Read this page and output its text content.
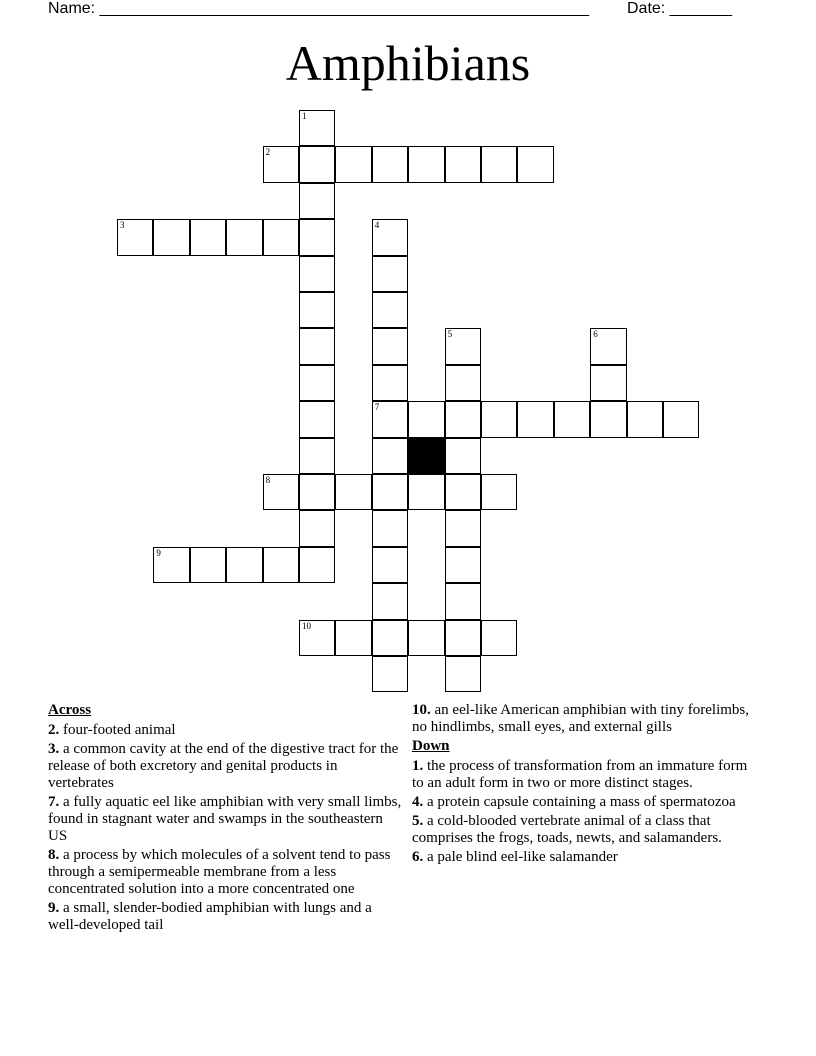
Name: _______________________________________________________ Date: _______
Amphibians
1
2
3	4
5	6
7
8
9
10
Across
2. four-footed animal
3. a common cavity at the end of the digestive tract for the release of both excretory and genital products in vertebrates
7. a fully aquatic eel like amphibian with very small limbs, found in stagnant water and swamps in the southeastern US
8. a process by which molecules of a solvent tend to pass through a semipermeable membrane from a less concentrated solution into a more concentrated one
9. a small, slender-bodied amphibian with lungs and a well-developed tail
10. an eel-like American amphibian with tiny forelimbs, no hindlimbs, small eyes, and external gills
Down
1. the process of transformation from an immature form to an adult form in two or more distinct stages.
4. a protein capsule containing a mass of spermatozoa
5. a cold-blooded vertebrate animal of a class that comprises the frogs, toads, newts, and salamanders.
6. a pale blind eel-like salamander
